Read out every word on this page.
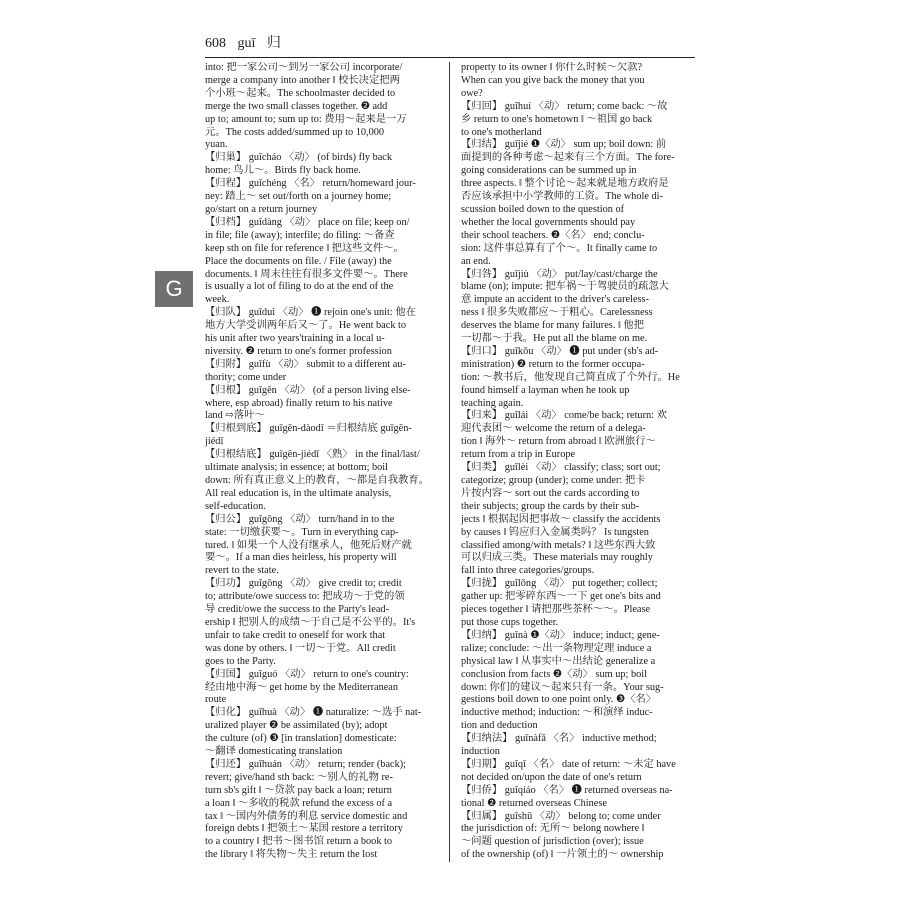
608 guī 归
G

into: 把一家公司～到另一家公司 incorporate/

merge a company into another ‖ 校长决定把两

个小班～起来。The schoolmaster decided to

merge the two small classes together. ❷ add

up to; amount to; sum up to: 费用～起来是一万

元。The costs added/summed up to 10,000

yuan.

【归巢】 guīcháo 〈动〉 (of birds) fly back

home: 鸟儿～。Birds fly back home.

【归程】 guīchéng 〈名〉 return/homeward jour-

ney: 踏上～ set out/forth on a journey home;

go/start on a return journey

【归档】 guīdàng 〈动〉 place on file; keep on/

in file; file (away); interfile; do filing: ～备查

keep sth on file for reference ‖ 把这些文件～。

Place the documents on file. / File (away) the

documents. ‖ 周末往往有很多文件要～。There

is usually a lot of filing to do at the end of the

week.

【归队】 guīduì 〈动〉 ❶ rejoin one's unit: 他在

地方大学受训两年后又～了。He went back to

his unit after two years'training in a local u-

niversity. ❷ return to one's former profession

【归附】 guīfù 〈动〉 submit to a different au-

thority; come under

【归根】 guīgēn 〈动〉 (of a person living else-

where, esp abroad) finally return to his native

land ⇨落叶～

【归根到底】 guīgēn-dàodǐ ＝归根结底 guīgēn-

jiédǐ

【归根结底】 guīgēn-jiédǐ 〈熟〉 in the final/last/

ultimate analysis; in essence; at bottom; boil

down: 所有真正意义上的教育，～都是自我教育。

All real education is, in the ultimate analysis,

self-education.

【归公】 guīgōng 〈动〉 turn/hand in to the

state: 一切缴获要～。Turn in everything cap-

tured. ‖ 如果一个人没有继承人，他死后财产就

要～。If a man dies heirless, his property will

revert to the state.

【归功】 guīgōng 〈动〉 give credit to; credit

to; attribute/owe success to: 把成功～于党的领

导 credit/owe the success to the Party's lead-

ership ‖ 把别人的成绩～于自己是不公平的。It's

unfair to take credit to oneself for work that

was done by others. ‖ 一切～于党。All credit

goes to the Party.

【归国】 guīguó 〈动〉 return to one's country:

经由地中海～ get home by the Mediterranean

route

【归化】 guīhuà 〈动〉 ❶ naturalize: ～选手 nat-

uralized player ❷ be assimilated (by); adopt

the culture (of) ❸ [in translation] domesticate:

～翻译 domesticating translation

【归还】 guīhuán 〈动〉 return; render (back);

revert; give/hand sth back: ～别人的礼物 re-

turn sb's gift ‖ ～贷款 pay back a loan; return

a loan ‖ ～多收的税款 refund the excess of a

tax ‖ ～国内外债务的利息 service domestic and

foreign debts ‖ 把领土～某国 restore a territory

to a country ‖ 把书～图书馆 return a book to

the library ‖ 将失物～失主 return the lost

property to its owner ‖ 你什么时候～欠款?

When can you give back the money that you

owe?

【归回】 guīhuí 〈动〉 return; come back: ～故

乡 return to one's hometown ‖ ～祖国 go back

to one's motherland

【归结】 guījié ❶〈动〉 sum up; boil down: 前

面提到的各种考虑～起来有三个方面。The fore-

going considerations can be summed up in

three aspects. ‖ 整个讨论～起来就是地方政府是

否应该承担中小学教师的工资。The whole di-

scussion boiled down to the question of

whether the local governments should pay

their school teachers. ❷〈名〉 end; conclu-

sion: 这件事总算有了个～。It finally came to

an end.

【归咎】 guījiù 〈动〉 put/lay/cast/charge the

blame (on); impute: 把车祸～于驾驶员的疏忽大

意 impute an accident to the driver's careless-

ness ‖ 很多失败都应～于粗心。Carelessness

deserves the blame for many failures. ‖ 他把

一切都～于我。He put all the blame on me.

【归口】 guīkǒu 〈动〉 ❶ put under (sb's ad-

ministration) ❷ return to the former occupa-

tion: ～教书后，他发现自己简直成了个外行。He

found himself a layman when he took up

teaching again.

【归来】 guīlái 〈动〉 come/be back; return: 欢

迎代表团～ welcome the return of a delega-

tion ‖ 海外～ return from abroad ‖ 欧洲旅行～

return from a trip in Europe

【归类】 guīlèi 〈动〉 classify; class; sort out;

categorize; group (under); come under: 把卡

片按内容～ sort out the cards according to

their subjects; group the cards by their sub-

jects ‖ 根据起因把事故～ classify the accidents

by causes ‖ 钨应归入金属类吗？ Is tungsten

classified among/with metals? ‖ 这些东西大致

可以归成三类。These materials may roughly

fall into three categories/groups.

【归拢】 guīlǒng 〈动〉 put together; collect;

gather up: 把零碎东西～一下 get one's bits and

pieces together ‖ 请把那些茶杯～～。Please

put those cups together.

【归纳】 guīnà ❶〈动〉 induce; induct; gene-

ralize; conclude: ～出一条物理定理 induce a

physical law ‖ 从事实中～出结论 generalize a

conclusion from facts ❷〈动〉 sum up; boil

down: 你们的建议～起来只有一条。Your sug-

gestions boil down to one point only. ❸〈名〉

inductive method; induction: ～和演绎 induc-

tion and deduction

【归纳法】 guīnàfǎ 〈名〉 inductive method;

induction

【归期】 guīqī 〈名〉 date of return: ～未定 have

not decided on/upon the date of one's return

【归侨】 guīqiáo 〈名〉 ❶ returned overseas na-

tional ❷ returned overseas Chinese

【归属】 guīshǔ 〈动〉 belong to; come under

the jurisdiction of: 无所～ belong nowhere ‖

～问题 question of jurisdiction (over); issue

of the ownership (of) ‖ 一片领土的～ ownership
